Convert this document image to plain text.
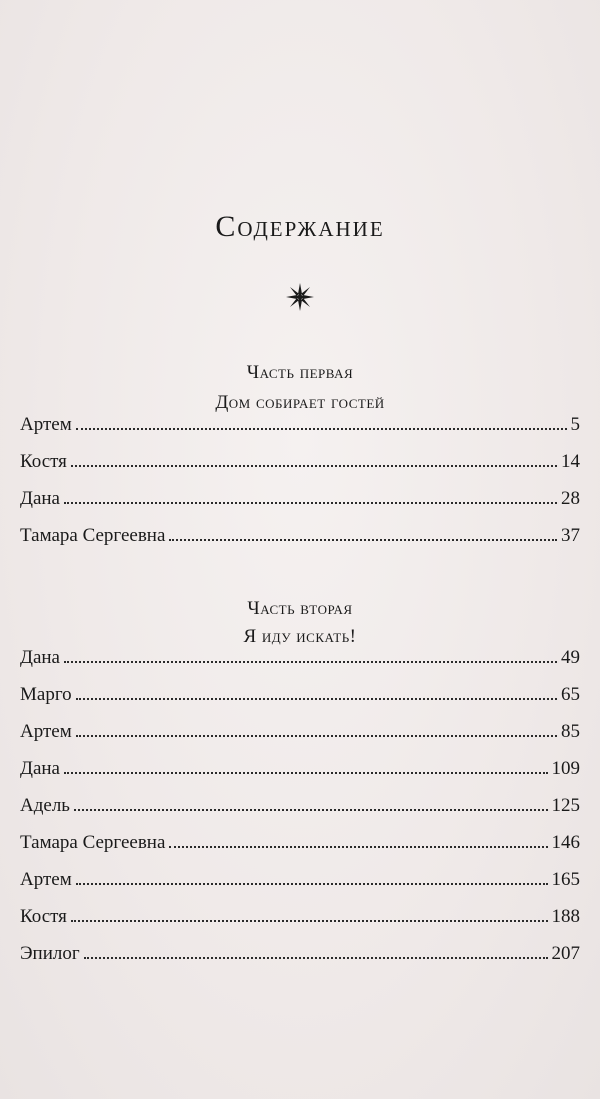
Содержание
Часть первая
Дом собирает гостей
Артем	5
Костя	14
Дана	28
Тамара Сергеевна	37
Часть вторая
Я иду искать!
Дана	49
Марго	65
Артем	85
Дана	109
Адель	125
Тамара Сергеевна	146
Артем	165
Костя	188
Эпилог	207
